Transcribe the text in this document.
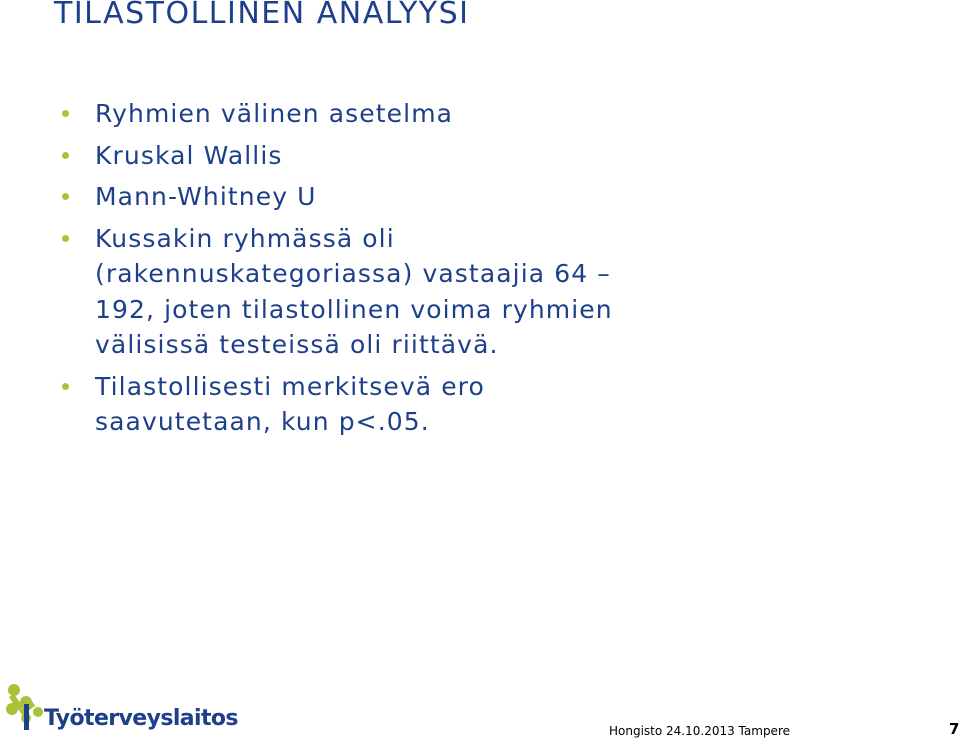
TILASTOLLINEN ANALYYSI
Ryhmien välinen asetelma
Kruskal Wallis
Mann-Whitney U
Kussakin ryhmässä oli (rakennuskategoriassa) vastaajia 64 – 192, joten tilastollinen voima ryhmien välisissä testeissä oli riittävä.
Tilastollisesti merkitsevä ero saavutetaan, kun p<.05.
Työterveyslaitos	Hongisto 24.10.2013 Tampere	7
